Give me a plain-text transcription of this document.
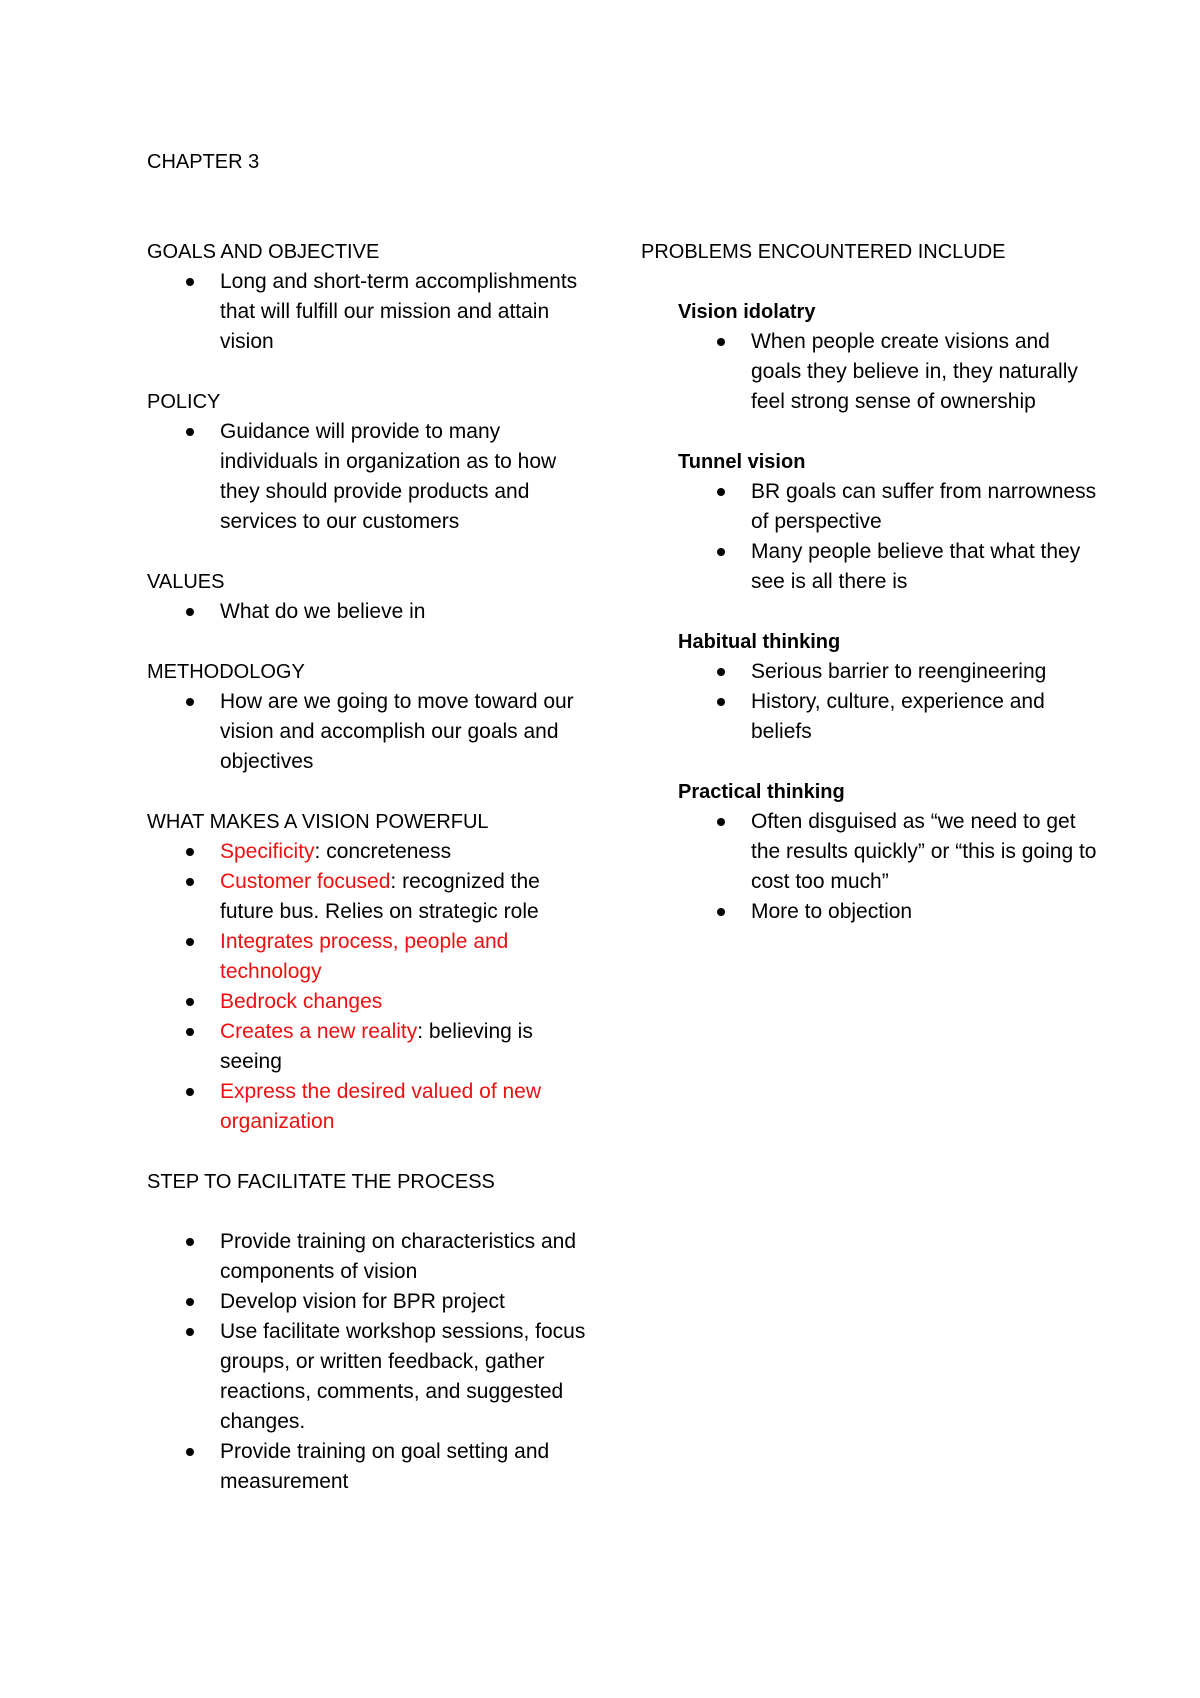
CHAPTER 3

GOALS AND OBJECTIVE

Long and short-term accomplishments that will fulfill our mission and attain vision

POLICY

Guidance will provide to many individuals in organization as to how they should provide products and services to our customers

VALUES

What do we believe in

METHODOLOGY

How are we going to move toward our vision and accomplish our goals and objectives

WHAT MAKES A VISION POWERFUL

Specificity: concreteness
Customer focused: recognized the future bus. Relies on strategic role
Integrates process, people and technology
Bedrock changes
Creates a new reality: believing is seeing
Express the desired valued of new organization

STEP TO FACILITATE THE PROCESS

Provide training on characteristics and components of vision
Develop vision for BPR project
Use facilitate workshop sessions, focus groups, or written feedback, gather reactions, comments, and suggested changes.
Provide training on goal setting and measurement

PROBLEMS ENCOUNTERED INCLUDE

Vision idolatry

When people create visions and goals they believe in, they naturally feel strong sense of ownership

Tunnel vision

BR goals can suffer from narrowness of perspective
Many people believe that what they see is all there is

Habitual thinking

Serious barrier to reengineering
History, culture, experience and beliefs

Practical thinking

Often disguised as “we need to get the results quickly” or “this is going to cost too much”
More to objection
